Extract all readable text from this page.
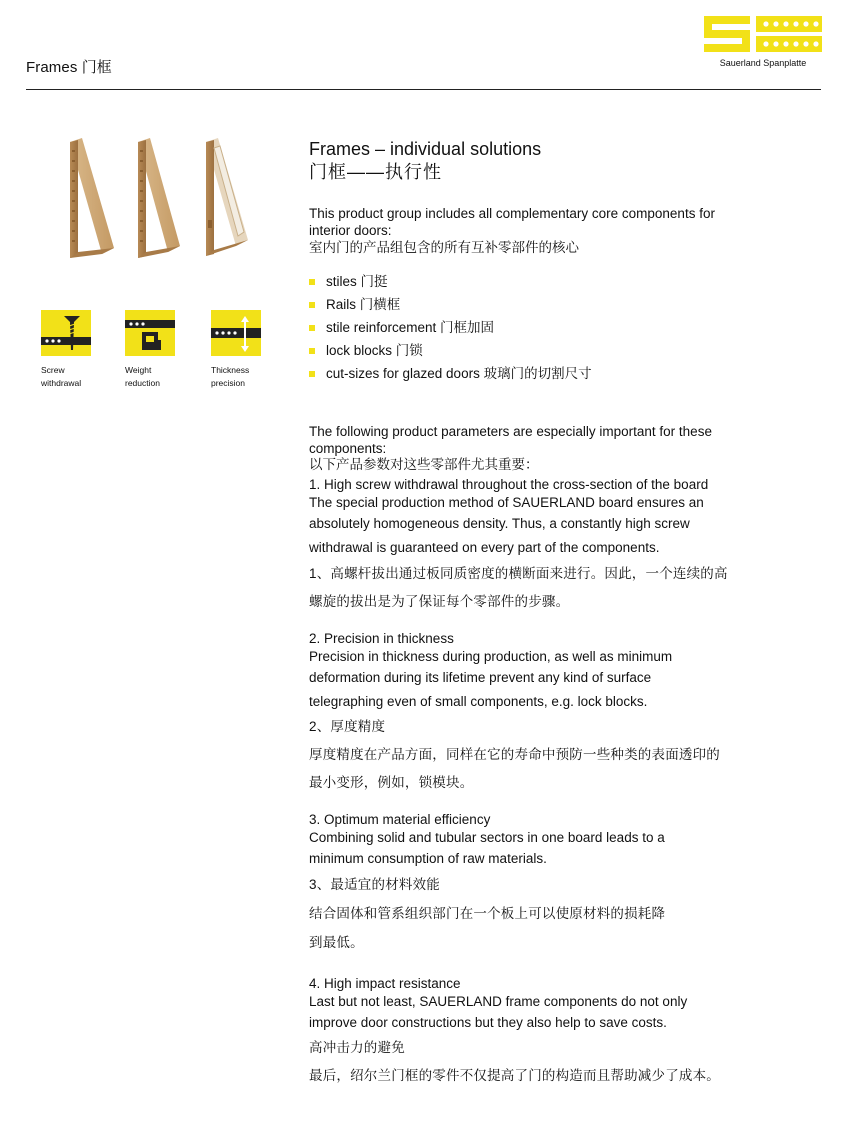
Frames 门框	Sauerland Spanplatte
Screw
withdrawal
Weight
reduction
Thickness
precision
Frames – individual solutions
门框——执行性
This product group includes all complementary core components for
interior doors:
室内门的产品组包含的所有互补零部件的核心
stiles 门挺
Rails 门横框
stile reinforcement 门框加固
lock blocks 门锁
cut-sizes for glazed doors 玻璃门的切割尺寸
The following product parameters are especially important for these
components:
以下产品参数对这些零部件尤其重要：
1. High screw withdrawal throughout the cross-section of the board
The special production method of SAUERLAND board ensures an
absolutely homogeneous density. Thus, a constantly high screw
withdrawal is guaranteed on every part of the components.
1、高螺杆拔出通过板同质密度的横断面来进行。因此，一个连续的高
螺旋的拔出是为了保证每个零部件的步骤。
2. Precision in thickness
Precision in thickness during production, as well as minimum
deformation during its lifetime prevent any kind of surface
telegraphing even of small components, e.g. lock blocks.
2、厚度精度
厚度精度在产品方面，同样在它的寿命中预防一些种类的表面透印的
最小变形，例如，锁模块。
3. Optimum material efficiency
Combining solid and tubular sectors in one board leads to a
minimum consumption of raw materials.
3、最适宜的材料效能
结合固体和管系组织部门在一个板上可以使原材料的损耗降
到最低。
4. High impact resistance
Last but not least, SAUERLAND frame components do not only
improve door constructions but they also help to save costs.
高冲击力的避免
最后，绍尔兰门框的零件不仅提高了门的构造而且帮助减少了成本。
